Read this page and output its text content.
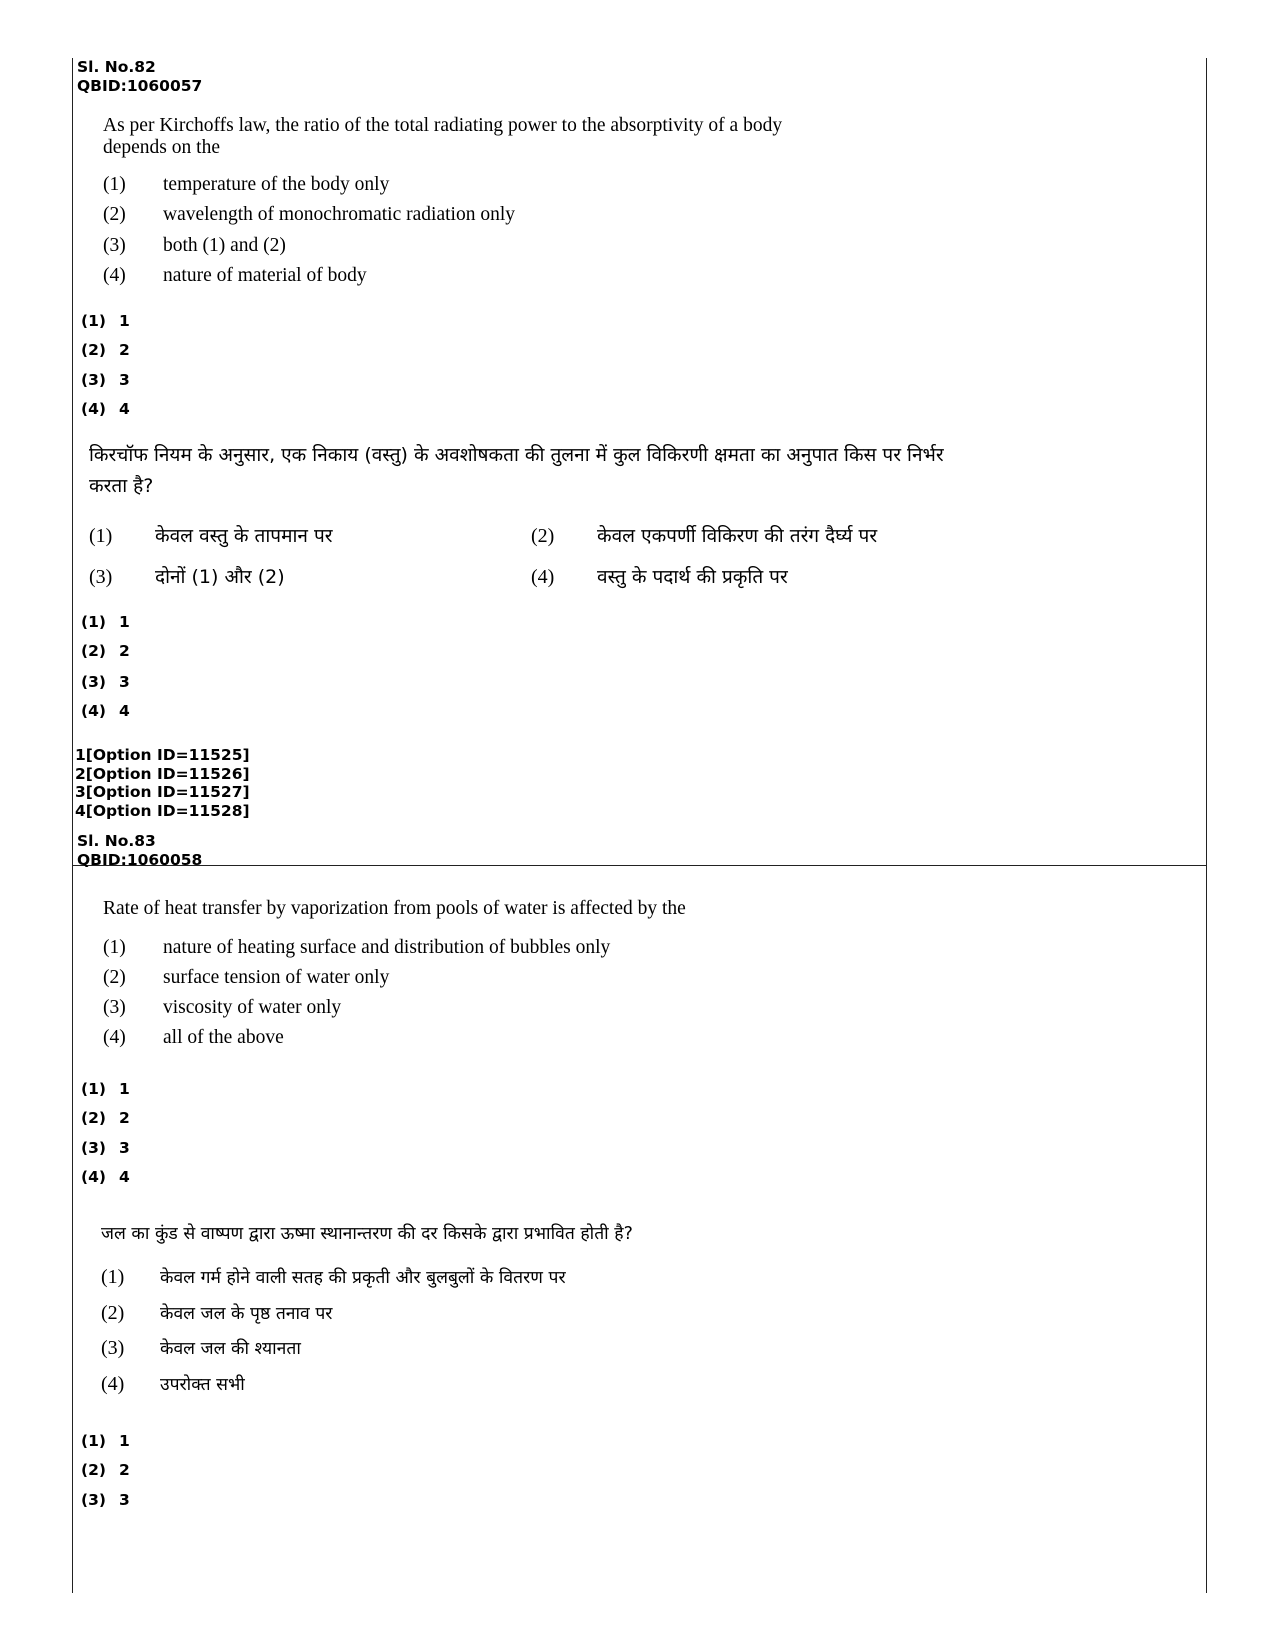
Sl. No.82
QBID:1060057
As per Kirchoffs law, the ratio of the total radiating power to the absorptivity of a body
depends on the
(1) temperature of the body only
(2) wavelength of monochromatic radiation only
(3) both (1) and (2)
(4) nature of material of body
(1) 1
(2) 2
(3) 3
(4) 4
किरचॉफ नियम के अनुसार, एक निकाय (वस्तु) के अवशोषकता की तुलना में कुल विकिरणी क्षमता का अनुपात किस पर निर्भर
करता है?
(1) केवल वस्तु के तापमान पर	(2) केवल एकपर्णी विकिरण की तरंग दैर्घ्य पर
(3) दोनों (1) और (2)	(4) वस्तु के पदार्थ की प्रकृति पर
(1) 1
(2) 2
(3) 3
(4) 4
1[Option ID=11525]
2[Option ID=11526]
3[Option ID=11527]
4[Option ID=11528]
Sl. No.83
QBID:1060058
Rate of heat transfer by vaporization from pools of water is affected by the
(1) nature of heating surface and distribution of bubbles only
(2) surface tension of water only
(3) viscosity of water only
(4) all of the above
(1) 1
(2) 2
(3) 3
(4) 4
जल का कुंड से वाष्पण द्वारा ऊष्मा स्थानान्तरण की दर किसके द्वारा प्रभावित होती है?
(1) केवल गर्म होने वाली सतह की प्रकृती और बुलबुलों के वितरण पर
(2) केवल जल के पृष्ठ तनाव पर
(3) केवल जल की श्यानता
(4) उपरोक्त सभी
(1) 1
(2) 2
(3) 3
